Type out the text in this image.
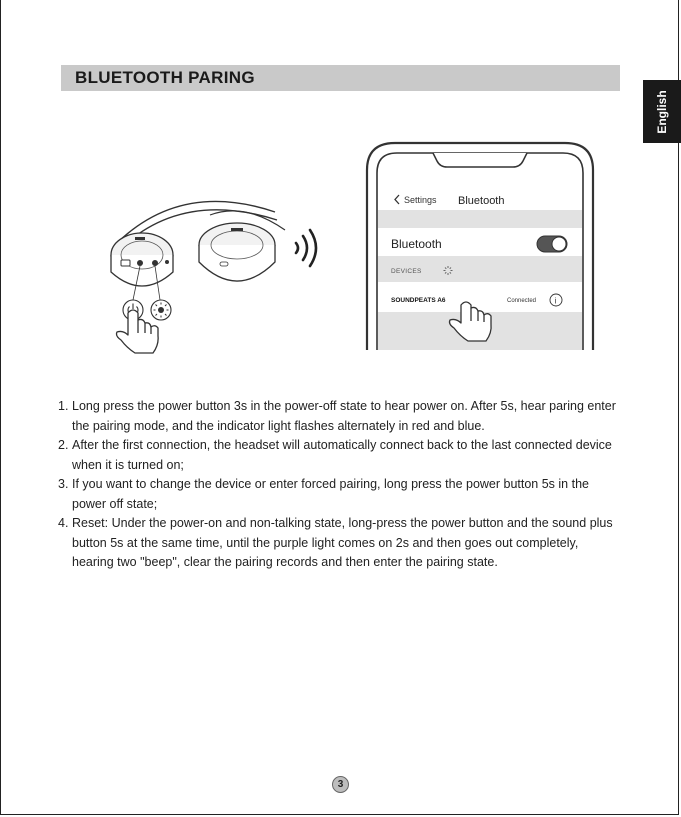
BLUETOOTH PARING
English
Settings Bluetooth
Bluetooth
DEVICES
SOUNDPEATS A6	Connected i
1. Long press the power button 3s in the power-off state to hear power on. After 5s, hear paring enter the pairing mode, and the indicator light flashes alternately in red and blue.
2. After the first connection, the headset will automatically connect back to the last connected device when it is turned on;
3. If you want to change the device or enter forced pairing, long press the power button 5s in the power off state;
4. Reset: Under the power-on and non-talking state, long-press the power button and the sound plus button 5s at the same time, until the purple light comes on 2s and then goes out completely, hearing two "beep", clear the pairing records and then enter the pairing state.
3
